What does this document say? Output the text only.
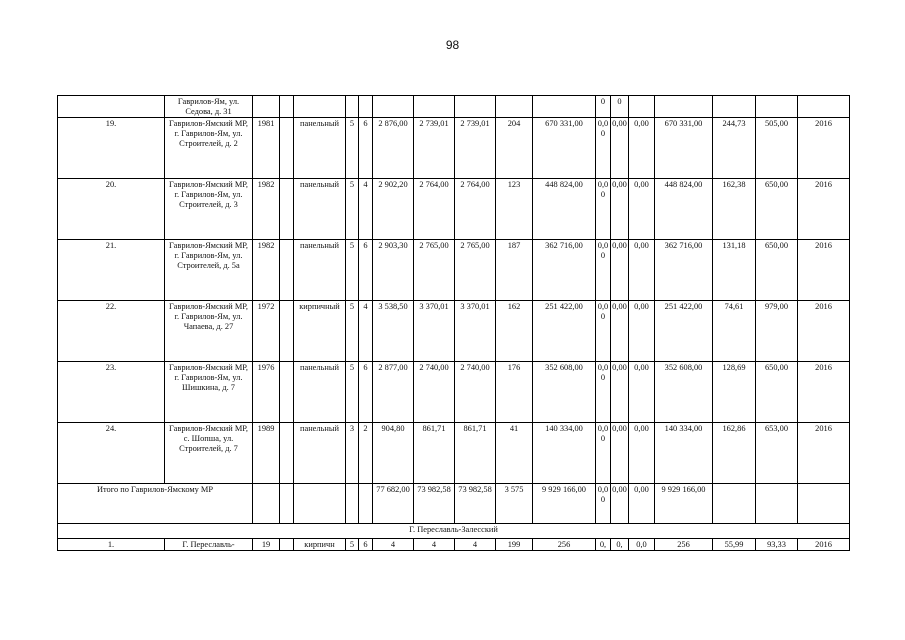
98
	Гаврилов-Ям, ул. Седова, д. 31											0	0					
19.	Гаврилов-Ямский МР, г. Гаврилов-Ям, ул. Строителей, д. 2	1981		панельный	5	6	2 876,00	2 739,01	2 739,01	204	670 331,00	0,00	0,00	0,00	670 331,00	244,73	505,00	2016
20.	Гаврилов-Ямский МР, г. Гаврилов-Ям, ул. Строителей, д. 3	1982		панельный	5	4	2 902,20	2 764,00	2 764,00	123	448 824,00	0,00	0,00	0,00	448 824,00	162,38	650,00	2016
21.	Гаврилов-Ямский МР, г. Гаврилов-Ям, ул. Строителей, д. 5а	1982		панельный	5	6	2 903,30	2 765,00	2 765,00	187	362 716,00	0,00	0,00	0,00	362 716,00	131,18	650,00	2016
22.	Гаврилов-Ямский МР, г. Гаврилов-Ям, ул. Чапаева, д. 27	1972		кирпичный	5	4	3 538,50	3 370,01	3 370,01	162	251 422,00	0,00	0,00	0,00	251 422,00	74,61	979,00	2016
23.	Гаврилов-Ямский МР, г. Гаврилов-Ям, ул. Шишкина, д. 7	1976		панельный	5	6	2 877,00	2 740,00	2 740,00	176	352 608,00	0,00	0,00	0,00	352 608,00	128,69	650,00	2016
24.	Гаврилов-Ямский МР, с. Шопша, ул. Строителей, д. 7	1989		панельный	3	2	904,80	861,71	861,71	41	140 334,00	0,00	0,00	0,00	140 334,00	162,86	653,00	2016
Итого по Гаврилов-Ямскому МР							77 682,00	73 982,58	73 982,58	3 575	9 929 166,00	0,00	0,00	0,00	9 929 166,00			
Г. Переславль-Залесский																		
1.	Г. Переславль-	19		кирпичн	5	6	4	4	4	199	256	0,	0,	0,0	256	55,99	93,33	2016
